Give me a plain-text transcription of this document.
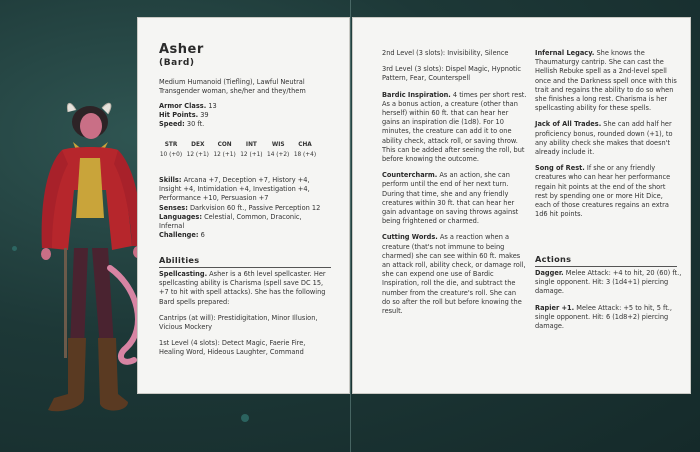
Asher
(Bard)
Medium Humanoid (Tiefling), Lawful Neutral
Transgender woman, she/her and they/them
Armor Class. 13
Hit Points. 39
Speed: 30 ft.
STR	DEX	CON	INT	WIS	CHA
10 (+0) 12 (+1) 12 (+1) 12 (+1) 14 (+2) 18 (+4)
Skills: Arcana +7, Deception +7, History +4,
Insight +4, Intimidation +4, Investigation +4,
Performance +10, Persuasion +7
Senses: Darkvision 60 ft., Passive Perception 12
Languages: Celestial, Common, Draconic,
Infernal
Challenge: 6
Abilities
Spellcasting. Asher is a 6th level spellcaster. Her
spellcasting ability is Charisma (spell save DC 15,
+7 to hit with spell attacks). She has the following
Bard spells prepared:
Cantrips (at will): Prestidigitation, Minor Illusion,
Vicious Mockery
1st Level (4 slots): Detect Magic, Faerie Fire,
Healing Word, Hideous Laughter, Command
2nd Level (3 slots): Invisibility, Silence
3rd Level (3 slots): Dispel Magic, Hypnotic
Pattern, Fear, Counterspell
Bardic Inspiration. 4 times per short rest.
As a bonus action, a creature (other than
herself) within 60 ft. that can hear her
gains an inspiration die (1d8). For 10
minutes, the creature can add it to one
ability check, attack roll, or saving throw.
This can be added after seeing the roll, but
before knowing the outcome.
Countercharm. As an action, she can
perform until the end of her next turn.
During that time, she and any friendly
creatures within 30 ft. that can hear her
gain advantage on saving throws against
being frightened or charmed.
Cutting Words. As a reaction when a
creature (that's not immune to being
charmed) she can see within 60 ft. makes
an attack roll, ability check, or damage roll,
she can expend one use of Bardic
Inspiration, roll the die, and subtract the
number from the creature's roll. She can
do so after the roll but before knowing the
result.
Infernal Legacy. She knows the
Thaumaturgy cantrip. She can cast the
Hellish Rebuke spell as a 2nd-level spell
once and the Darkness spell once with this
trait and regains the ability to do so when
she finishes a long rest. Charisma is her
spellcasting ability for these spells.
Jack of All Trades. She can add half her
proficiency bonus, rounded down (+1), to
any ability check she makes that doesn't
already include it.
Song of Rest. If she or any friendly
creatures who can hear her performance
regain hit points at the end of the short
rest by spending one or more Hit Dice,
each of those creatures regains an extra
1d6 hit points.
Actions
Dagger. Melee Attack: +4 to hit, 20 (60) ft.,
single opponent. Hit: 3 (1d4+1) piercing
damage.
Rapier +1. Melee Attack: +5 to hit, 5 ft.,
single opponent. Hit: 6 (1d8+2) piercing
damage.
